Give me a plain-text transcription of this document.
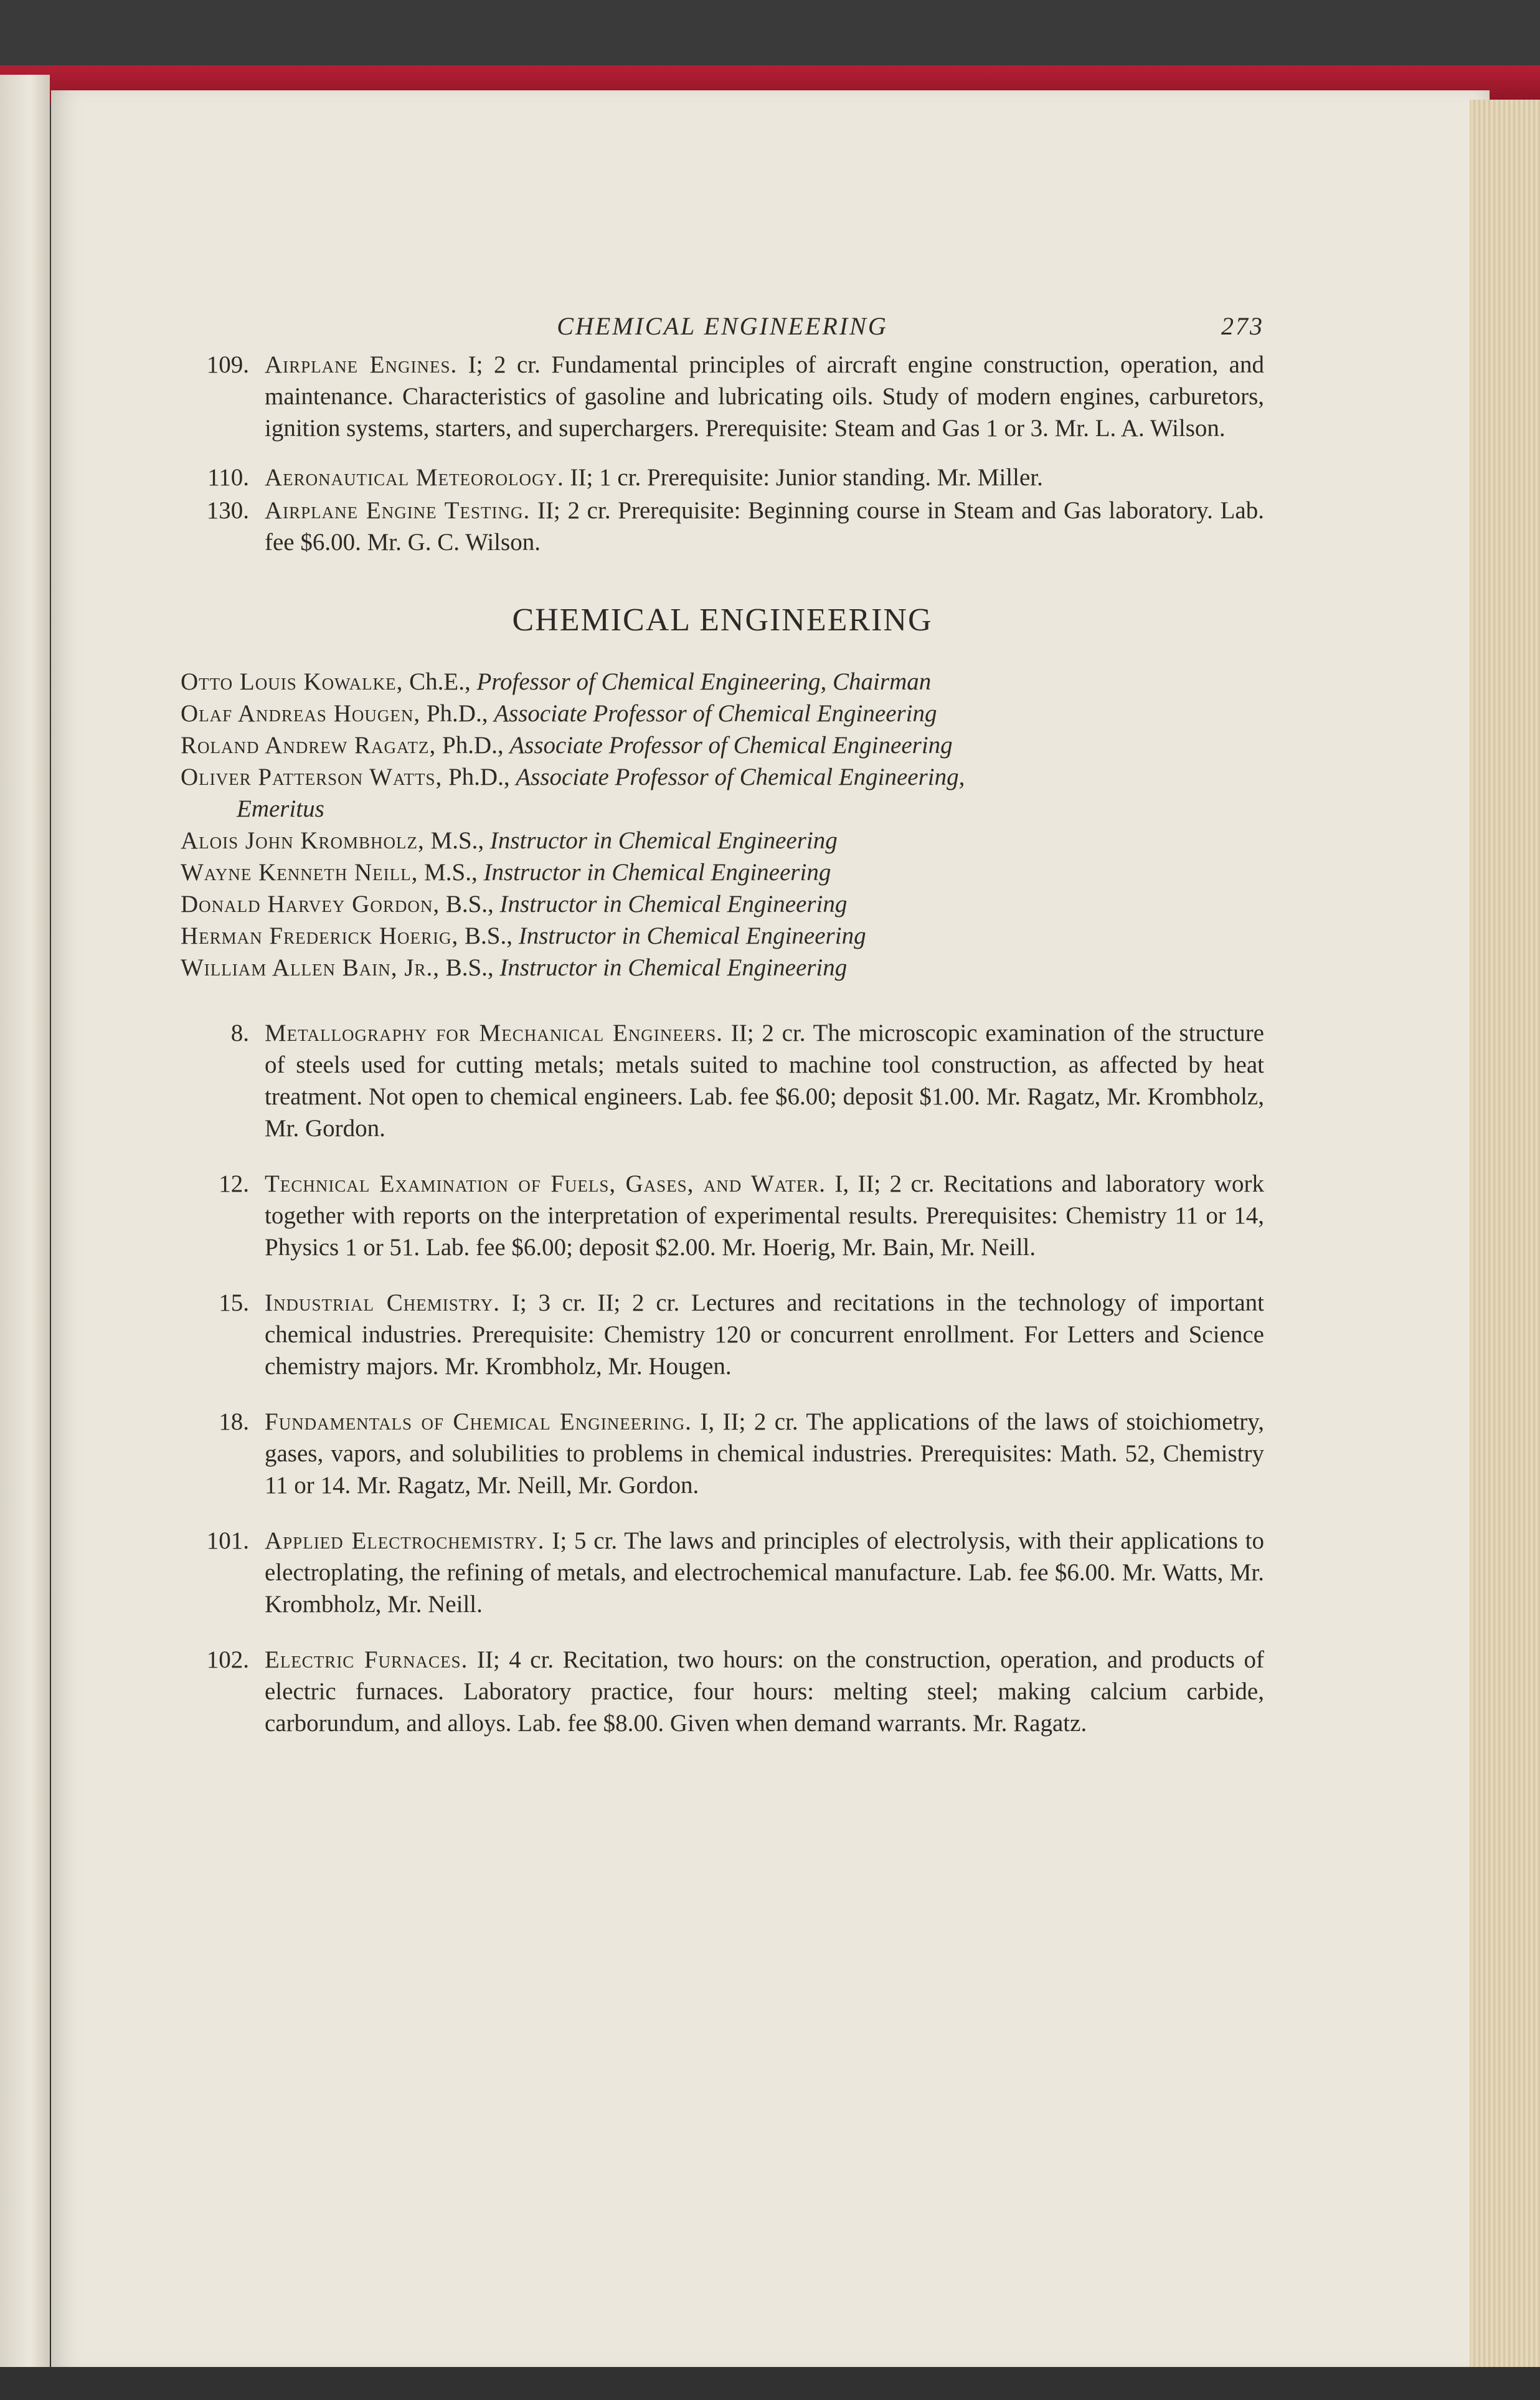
CHEMICAL ENGINEERING	273
109. Airplane Engines. I; 2 cr. Fundamental principles of aircraft engine construction, operation, and maintenance. Characteristics of gasoline and lubricating oils. Study of modern engines, carburetors, ignition systems, starters, and superchargers. Prerequisite: Steam and Gas 1 or 3. Mr. L. A. Wilson.
110. Aeronautical Meteorology. II; 1 cr. Prerequisite: Junior standing. Mr. Miller.
130. Airplane Engine Testing. II; 2 cr. Prerequisite: Beginning course in Steam and Gas laboratory. Lab. fee $6.00. Mr. G. C. Wilson.
CHEMICAL ENGINEERING
Otto Louis Kowalke, Ch.E., Professor of Chemical Engineering, Chairman
Olaf Andreas Hougen, Ph.D., Associate Professor of Chemical Engineering
Roland Andrew Ragatz, Ph.D., Associate Professor of Chemical Engineering
Oliver Patterson Watts, Ph.D., Associate Professor of Chemical Engineering,
Emeritus
Alois John Krombholz, M.S., Instructor in Chemical Engineering
Wayne Kenneth Neill, M.S., Instructor in Chemical Engineering
Donald Harvey Gordon, B.S., Instructor in Chemical Engineering
Herman Frederick Hoerig, B.S., Instructor in Chemical Engineering
William Allen Bain, Jr., B.S., Instructor in Chemical Engineering
8. Metallography for Mechanical Engineers. II; 2 cr. The microscopic examination of the structure of steels used for cutting metals; metals suited to machine tool construction, as affected by heat treatment. Not open to chemical engineers. Lab. fee $6.00; deposit $1.00. Mr. Ragatz, Mr. Krombholz, Mr. Gordon.
12. Technical Examination of Fuels, Gases, and Water. I, II; 2 cr. Recitations and laboratory work together with reports on the interpretation of experimental results. Prerequisites: Chemistry 11 or 14, Physics 1 or 51. Lab. fee $6.00; deposit $2.00. Mr. Hoerig, Mr. Bain, Mr. Neill.
15. Industrial Chemistry. I; 3 cr. II; 2 cr. Lectures and recitations in the technology of important chemical industries. Prerequisite: Chemistry 120 or concurrent enrollment. For Letters and Science chemistry majors. Mr. Krombholz, Mr. Hougen.
18. Fundamentals of Chemical Engineering. I, II; 2 cr. The applications of the laws of stoichiometry, gases, vapors, and solubilities to problems in chemical industries. Prerequisites: Math. 52, Chemistry 11 or 14. Mr. Ragatz, Mr. Neill, Mr. Gordon.
101. Applied Electrochemistry. I; 5 cr. The laws and principles of electrolysis, with their applications to electroplating, the refining of metals, and electrochemical manufacture. Lab. fee $6.00. Mr. Watts, Mr. Krombholz, Mr. Neill.
102. Electric Furnaces. II; 4 cr. Recitation, two hours: on the construction, operation, and products of electric furnaces. Laboratory practice, four hours: melting steel; making calcium carbide, carborundum, and alloys. Lab. fee $8.00. Given when demand warrants. Mr. Ragatz.
